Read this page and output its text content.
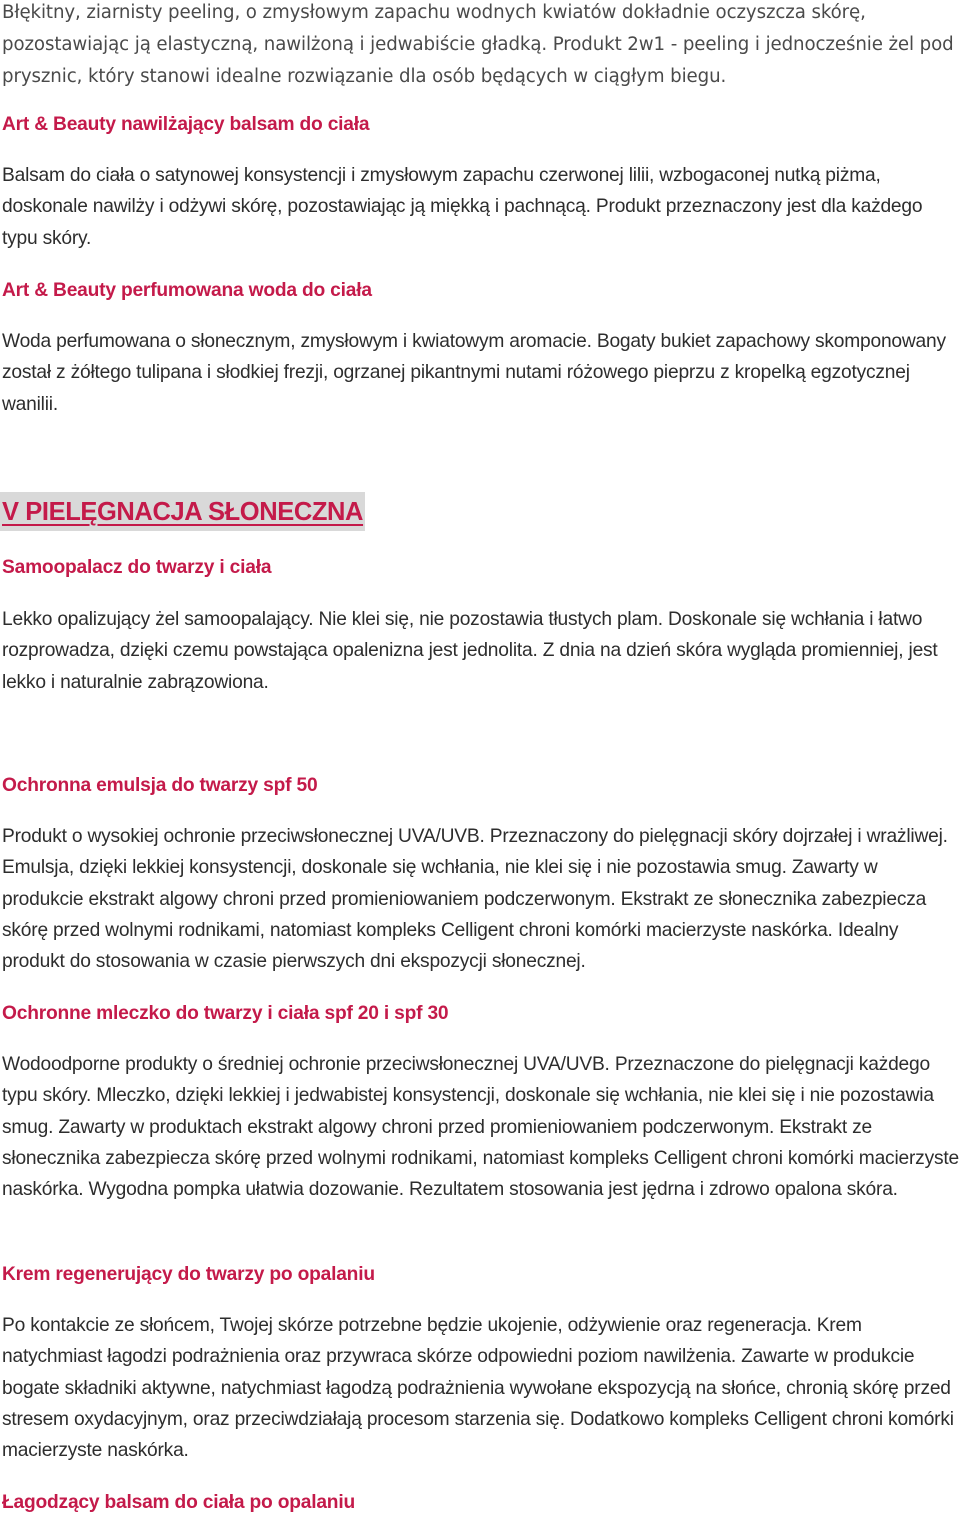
Błękitny, ziarnisty peeling, o zmysłowym zapachu wodnych kwiatów dokładnie oczyszcza skórę, pozostawiając ją elastyczną, nawilżoną i jedwabiście gładką. Produkt 2w1 - peeling i jednocześnie żel pod prysznic, który stanowi idealne rozwiązanie dla osób będących w ciągłym biegu.

Art & Beauty nawilżający balsam do ciała

Balsam do ciała o satynowej konsystencji i zmysłowym zapachu czerwonej lilii, wzbogaconej nutką piżma, doskonale nawilży i odżywi skórę, pozostawiając ją miękką i pachnącą. Produkt przeznaczony jest dla każdego typu skóry.

Art & Beauty perfumowana woda do ciała

Woda perfumowana o słonecznym, zmysłowym i kwiatowym aromacie. Bogaty bukiet zapachowy skomponowany został z żółtego tulipana i słodkiej frezji, ogrzanej pikantnymi nutami różowego pieprzu z kropelką egzotycznej wanilii.

V PIELĘGNACJA SŁONECZNA
Samoopalacz do twarzy i ciała

Lekko opalizujący żel samoopalający. Nie klei się, nie pozostawia tłustych plam. Doskonale się wchłania i łatwo rozprowadza, dzięki czemu powstająca opalenizna jest jednolita. Z dnia na dzień skóra wygląda promienniej, jest lekko i naturalnie zabrązowiona.

Ochronna emulsja do twarzy spf 50

Produkt o wysokiej ochronie przeciwsłonecznej UVA/UVB. Przeznaczony do pielęgnacji skóry dojrzałej i wrażliwej. Emulsja, dzięki lekkiej konsystencji, doskonale się wchłania, nie klei się i nie pozostawia smug. Zawarty w produkcie ekstrakt algowy chroni przed promieniowaniem podczerwonym. Ekstrakt ze słonecznika zabezpiecza skórę przed wolnymi rodnikami, natomiast kompleks Celligent chroni komórki macierzyste naskórka. Idealny produkt do stosowania w czasie pierwszych dni ekspozycji słonecznej.

Ochronne mleczko do twarzy i ciała spf 20 i spf 30

Wodoodporne produkty o średniej ochronie przeciwsłonecznej UVA/UVB. Przeznaczone do pielęgnacji każdego typu skóry. Mleczko, dzięki lekkiej i jedwabistej konsystencji, doskonale się wchłania, nie klei się i nie pozostawia smug. Zawarty w produktach ekstrakt algowy chroni przed promieniowaniem podczerwonym. Ekstrakt ze słonecznika zabezpiecza skórę przed wolnymi rodnikami, natomiast kompleks Celligent chroni komórki macierzyste naskórka. Wygodna pompka ułatwia dozowanie. Rezultatem stosowania jest jędrna i zdrowo opalona skóra.

Krem regenerujący do twarzy po opalaniu

Po kontakcie ze słońcem, Twojej skórze potrzebne będzie ukojenie, odżywienie oraz regeneracja. Krem natychmiast łagodzi podrażnienia oraz przywraca skórze odpowiedni poziom nawilżenia. Zawarte w produkcie bogate składniki aktywne, natychmiast łagodzą podrażnienia wywołane ekspozycją na słońce, chronią skórę przed stresem oxydacyjnym, oraz przeciwdziałają procesom starzenia się. Dodatkowo kompleks Celligent chroni komórki macierzyste naskórka.

Łagodzący balsam do ciała po opalaniu
